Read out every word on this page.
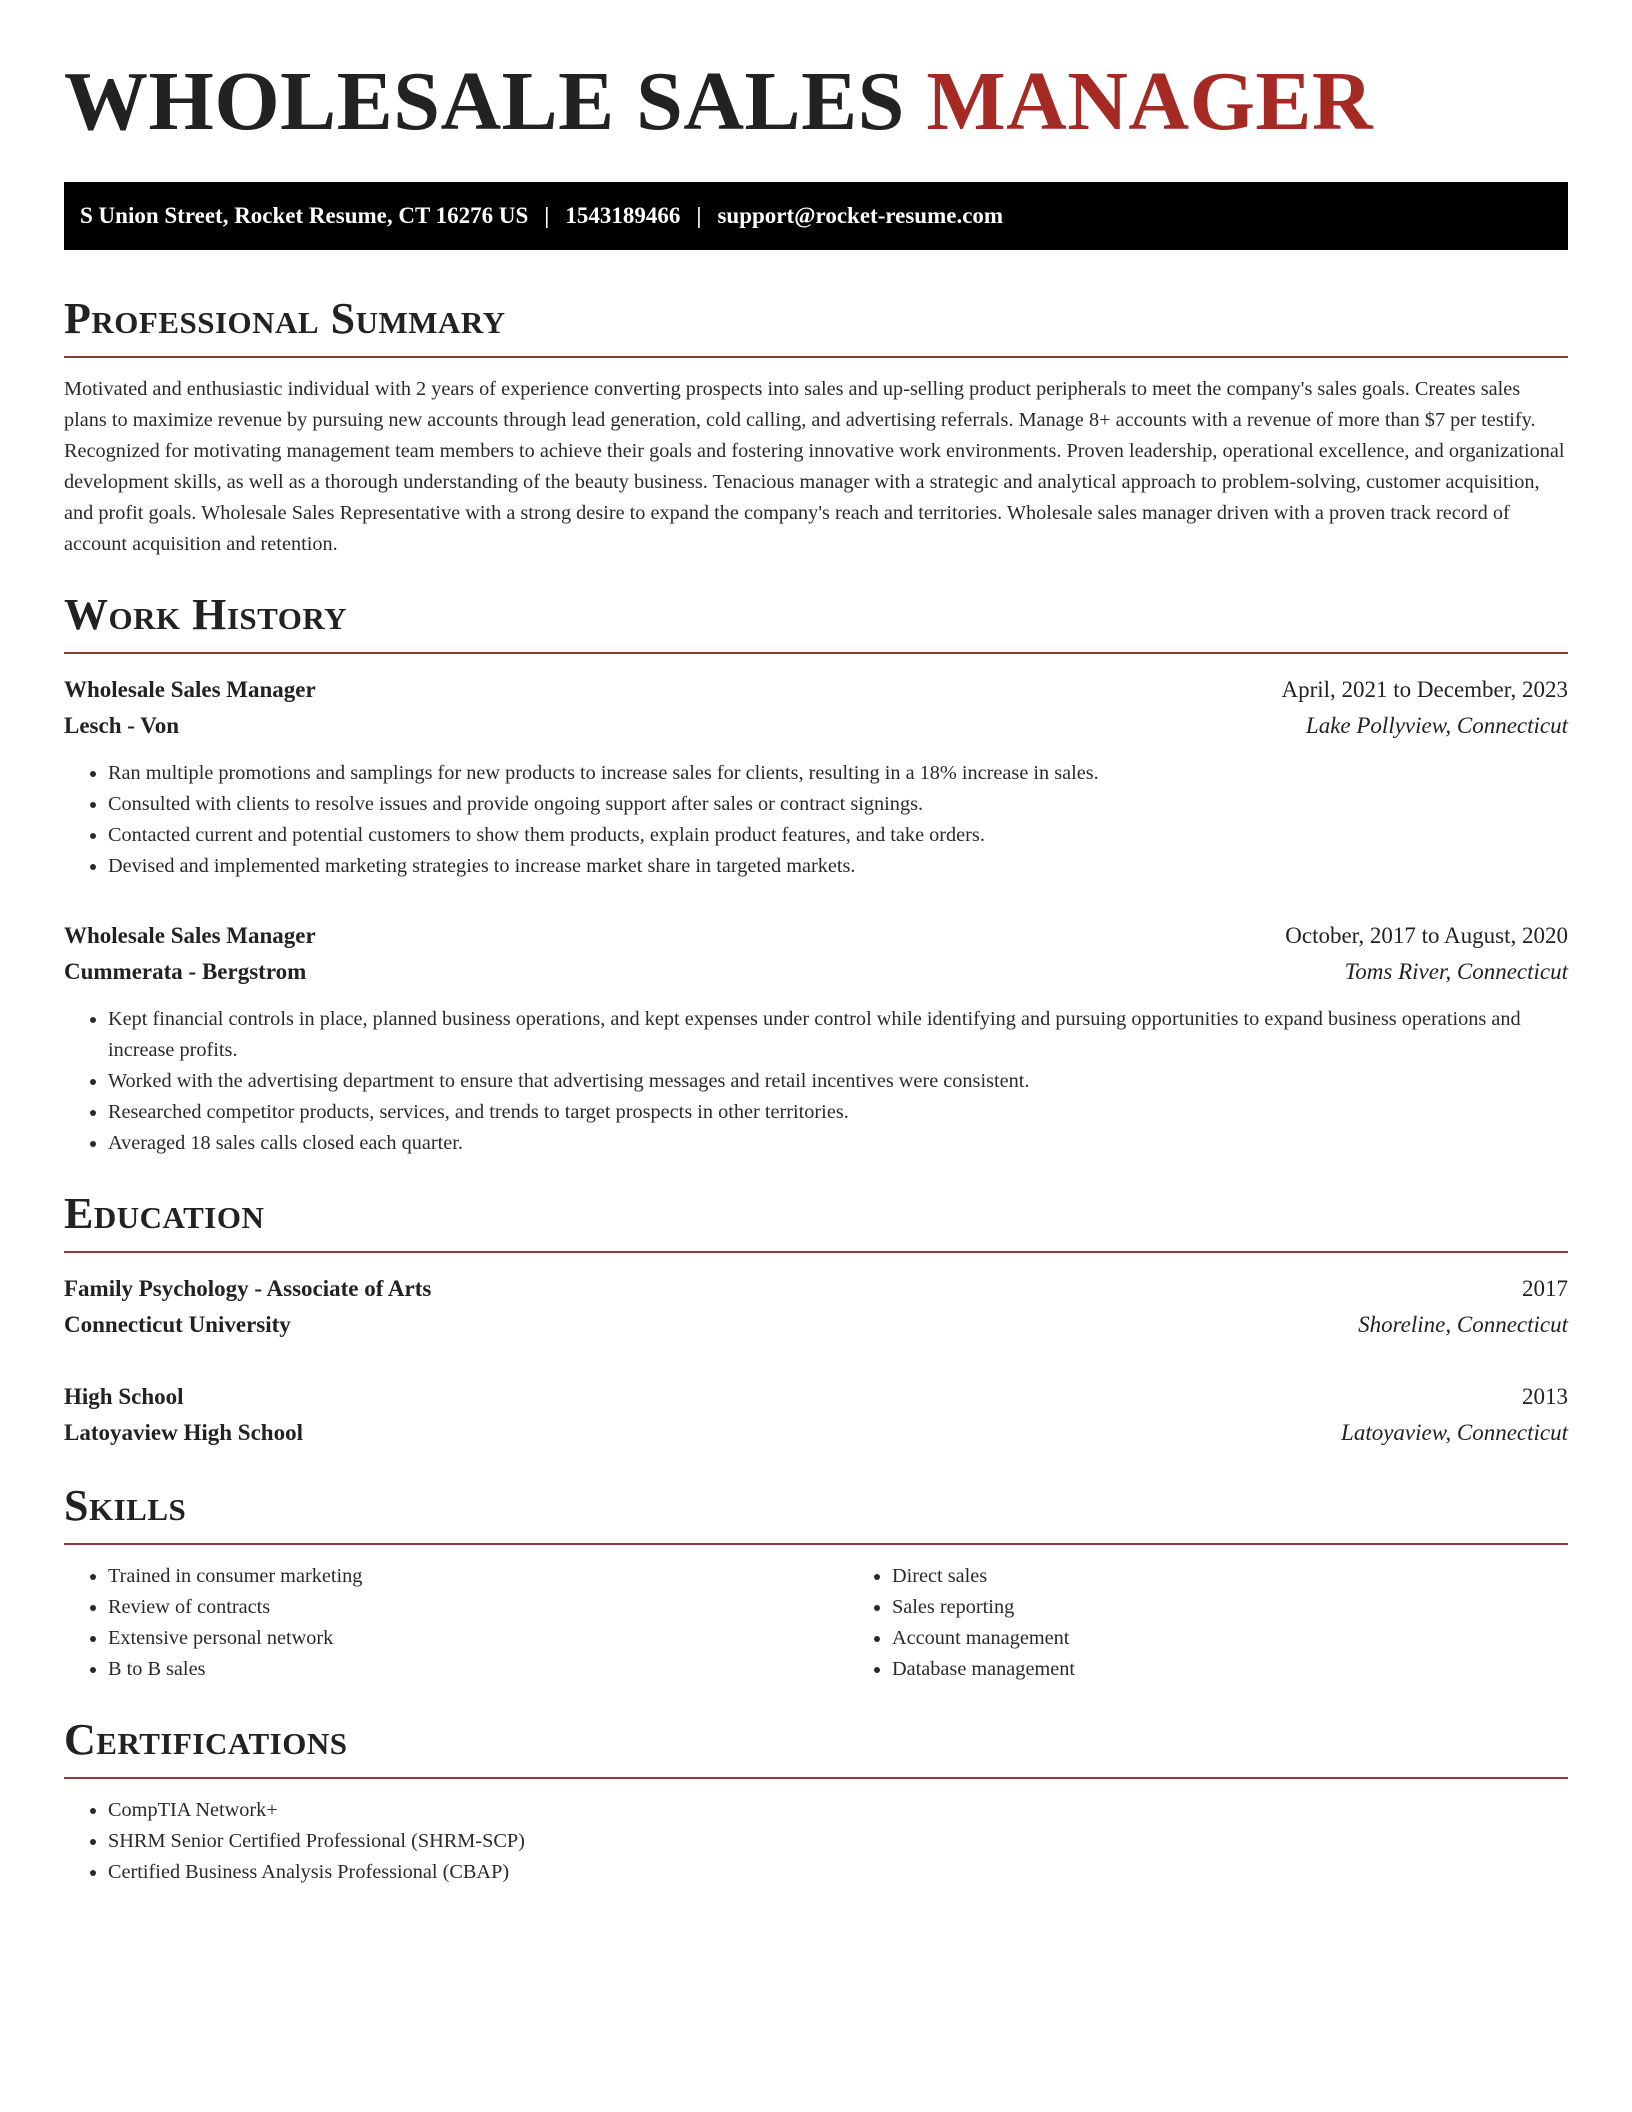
WHOLESALE SALES MANAGER
S Union Street, Rocket Resume, CT 16276 US | 1543189466 | support@rocket-resume.com
Professional Summary

Motivated and enthusiastic individual with 2 years of experience converting prospects into sales and up-selling product peripherals to meet the company's sales goals. Creates sales plans to maximize revenue by pursuing new accounts through lead generation, cold calling, and advertising referrals. Manage 8+ accounts with a revenue of more than $7 per testify. Recognized for motivating management team members to achieve their goals and fostering innovative work environments. Proven leadership, operational excellence, and organizational development skills, as well as a thorough understanding of the beauty business. Tenacious manager with a strategic and analytical approach to problem-solving, customer acquisition, and profit goals. Wholesale Sales Representative with a strong desire to expand the company's reach and territories. Wholesale sales manager driven with a proven track record of account acquisition and retention.

Work History
Wholesale Sales Manager	April, 2021 to December, 2023
Lesch - Von	Lake Pollyview, Connecticut
• Ran multiple promotions and samplings for new products to increase sales for clients, resulting in a 18% increase in sales.
• Consulted with clients to resolve issues and provide ongoing support after sales or contract signings.
• Contacted current and potential customers to show them products, explain product features, and take orders.
• Devised and implemented marketing strategies to increase market share in targeted markets.
Wholesale Sales Manager	October, 2017 to August, 2020
Cummerata - Bergstrom	Toms River, Connecticut
• Kept financial controls in place, planned business operations, and kept expenses under control while identifying and pursuing opportunities to expand business operations and increase profits.
• Worked with the advertising department to ensure that advertising messages and retail incentives were consistent.
• Researched competitor products, services, and trends to target prospects in other territories.
• Averaged 18 sales calls closed each quarter.
Education
Family Psychology - Associate of Arts	2017
Connecticut University	Shoreline, Connecticut
High School	2013
Latoyaview High School	Latoyaview, Connecticut
Skills
• Trained in consumer marketing
• Review of contracts
• Extensive personal network
• B to B sales
• Direct sales
• Sales reporting
• Account management
• Database management
Certifications
• CompTIA Network+
• SHRM Senior Certified Professional (SHRM-SCP)
• Certified Business Analysis Professional (CBAP)
